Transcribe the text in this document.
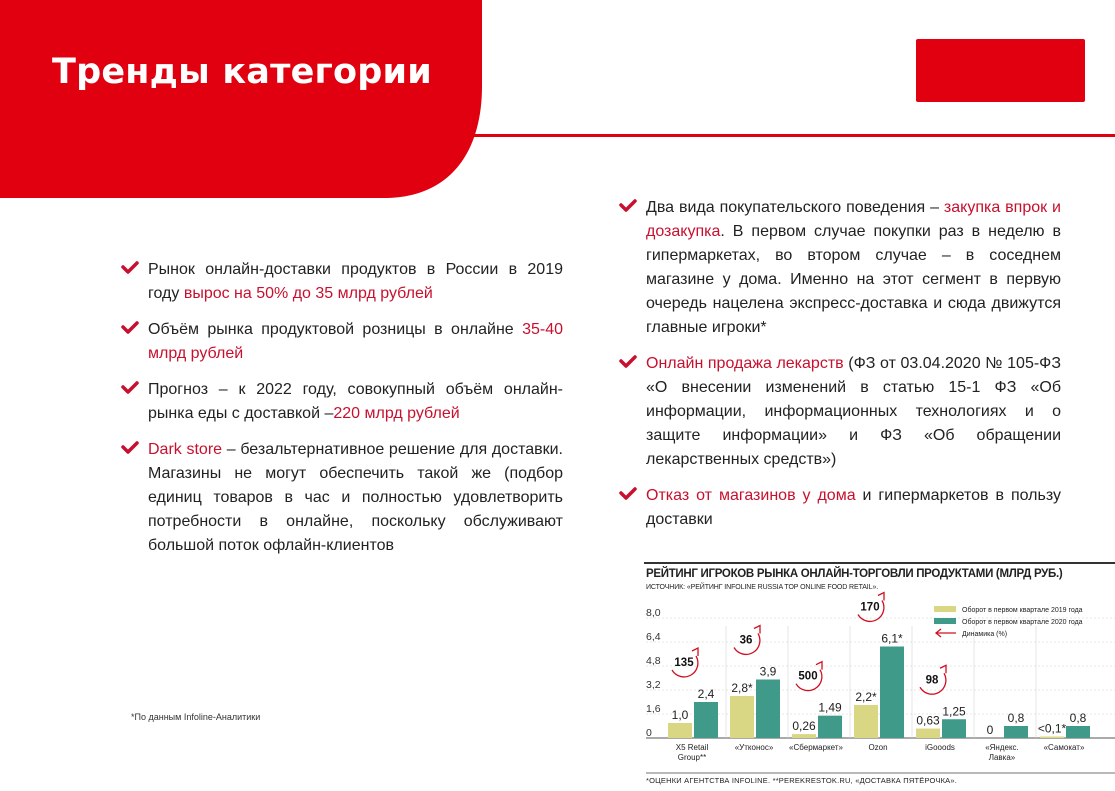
Тренды категории
Рынок онлайн-доставки продуктов в России в 2019 году вырос на 50% до 35 млрд рублей
Объём рынка продуктовой розницы в онлайне 35-40 млрд рублей
Прогноз – к 2022 году, совокупный объём онлайн-рынка еды с доставкой –220 млрд рублей
Dark store – безальтернативное решение для доставки. Магазины не могут обеспечить такой же (подбор единиц товаров в час и полностью удовлетворить потребности в онлайне, поскольку обслуживают большой поток офлайн-клиентов
Два вида покупательского поведения – закупка впрок и дозакупка. В первом случае покупки раз в неделю в гипермаркетах, во втором случае – в соседнем магазине у дома. Именно на этот сегмент в первую очередь нацелена экспресс-доставка и сюда движутся главные игроки*
Онлайн продажа лекарств (ФЗ от 03.04.2020 № 105-ФЗ «О внесении изменений в статью 15-1 ФЗ «Об информации, информационных технологиях и о защите информации» и ФЗ «Об обращении лекарственных средств»)
Отказ от магазинов у дома и гипермаркетов в пользу доставки
*По данным Infoline-Аналитики
8,0
6,4
4,8
3,2
1,6
0
1,0
2,4 2,8*
3,9
0,26
1,49
2,2*
6,1*
0,63
1,25
0
0,8
<0,1*
0,8
135
36
500
170
98
X5 Retail
Group**
«Утконос» «Сбермаркет»	Ozon	iGooods	«Яндекс.
Лавка»
«Самокат»
Оборот в первом квартале 2019 года
Оборот в первом квартале 2020 года
Динамика (%)
РЕЙТИНГ ИГРОКОВ РЫНКА ОНЛАЙН-ТОРГОВЛИ ПРОДУКТАМИ (МЛРД РУБ.)
ИСТОЧНИК: «РЕЙТИНГ INFOLINE RUSSIA TOP ONLINE FOOD RETAIL».
*ОЦЕНКИ АГЕНТСТВА INFOLINE. **PEREKRESTOK.RU, «ДОСТАВКА ПЯТЁРОЧКА».
